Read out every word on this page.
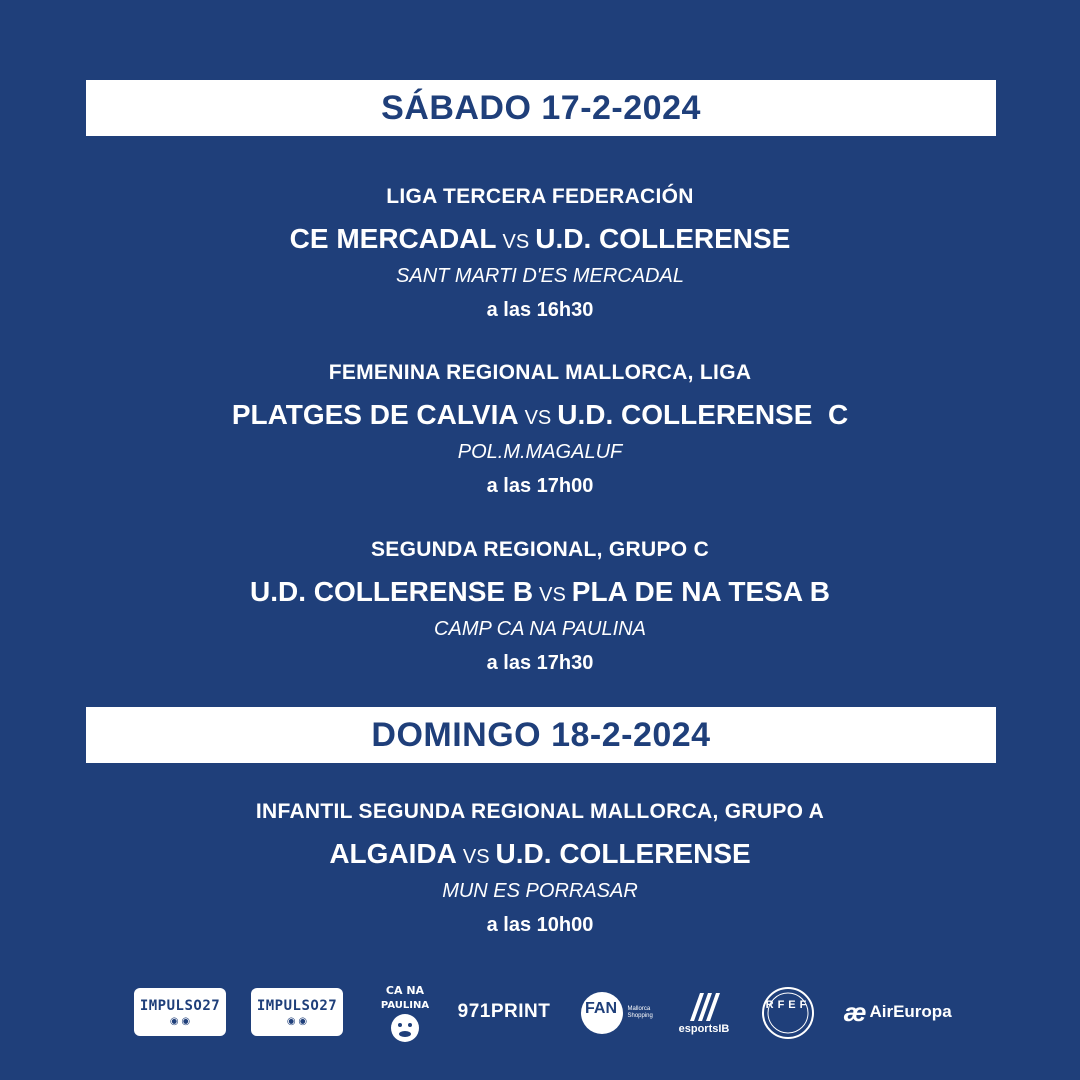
SÁBADO 17-2-2024
LIGA TERCERA FEDERACIÓN
CE MERCADAL VS U.D. COLLERENSE
SANT MARTI D'ES MERCADAL
a las 16h30
FEMENINA REGIONAL MALLORCA, LIGA
PLATGES DE CALVIA VS U.D. COLLERENSE  C
POL.M.MAGALUF
a las 17h00
SEGUNDA REGIONAL, GRUPO C
U.D. COLLERENSE B VS PLA DE NA TESA B
CAMP CA NA PAULINA
a las 17h30
DOMINGO 18-2-2024
INFANTIL SEGUNDA REGIONAL MALLORCA, GRUPO A
ALGAIDA VS U.D. COLLERENSE
MUN ES PORRASAR
a las 10h00
IMPULSO27
◉ ◉
IMPULSO27
◉ ◉
CA NA
PAULINA 971PRINT FAN	Mallorca Shopping
esportsIB
RFEF æ AirEuropa
